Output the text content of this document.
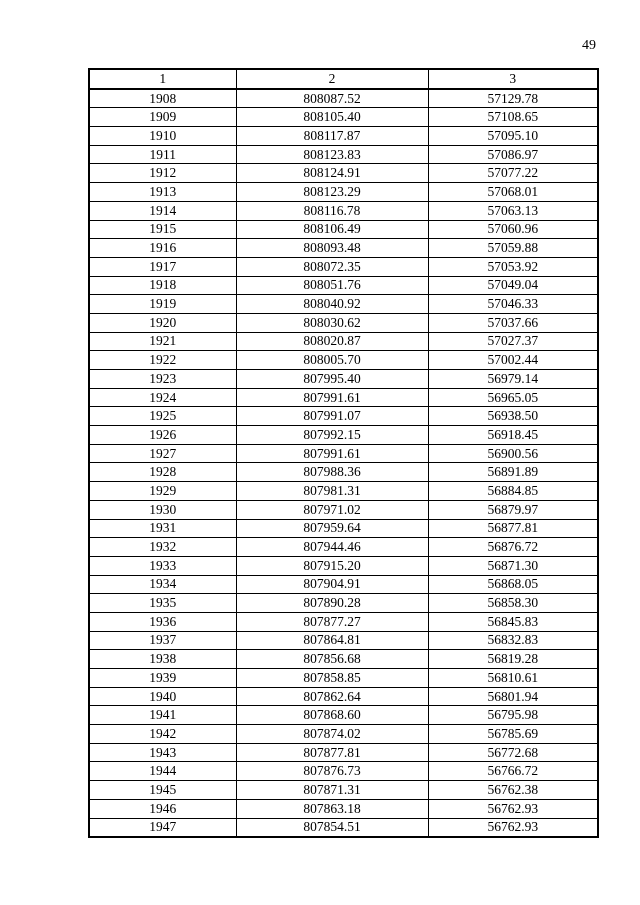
49
1	2	3
1908	808087.52	57129.78
1909	808105.40	57108.65
1910	808117.87	57095.10
1911	808123.83	57086.97
1912	808124.91	57077.22
1913	808123.29	57068.01
1914	808116.78	57063.13
1915	808106.49	57060.96
1916	808093.48	57059.88
1917	808072.35	57053.92
1918	808051.76	57049.04
1919	808040.92	57046.33
1920	808030.62	57037.66
1921	808020.87	57027.37
1922	808005.70	57002.44
1923	807995.40	56979.14
1924	807991.61	56965.05
1925	807991.07	56938.50
1926	807992.15	56918.45
1927	807991.61	56900.56
1928	807988.36	56891.89
1929	807981.31	56884.85
1930	807971.02	56879.97
1931	807959.64	56877.81
1932	807944.46	56876.72
1933	807915.20	56871.30
1934	807904.91	56868.05
1935	807890.28	56858.30
1936	807877.27	56845.83
1937	807864.81	56832.83
1938	807856.68	56819.28
1939	807858.85	56810.61
1940	807862.64	56801.94
1941	807868.60	56795.98
1942	807874.02	56785.69
1943	807877.81	56772.68
1944	807876.73	56766.72
1945	807871.31	56762.38
1946	807863.18	56762.93
1947	807854.51	56762.93
